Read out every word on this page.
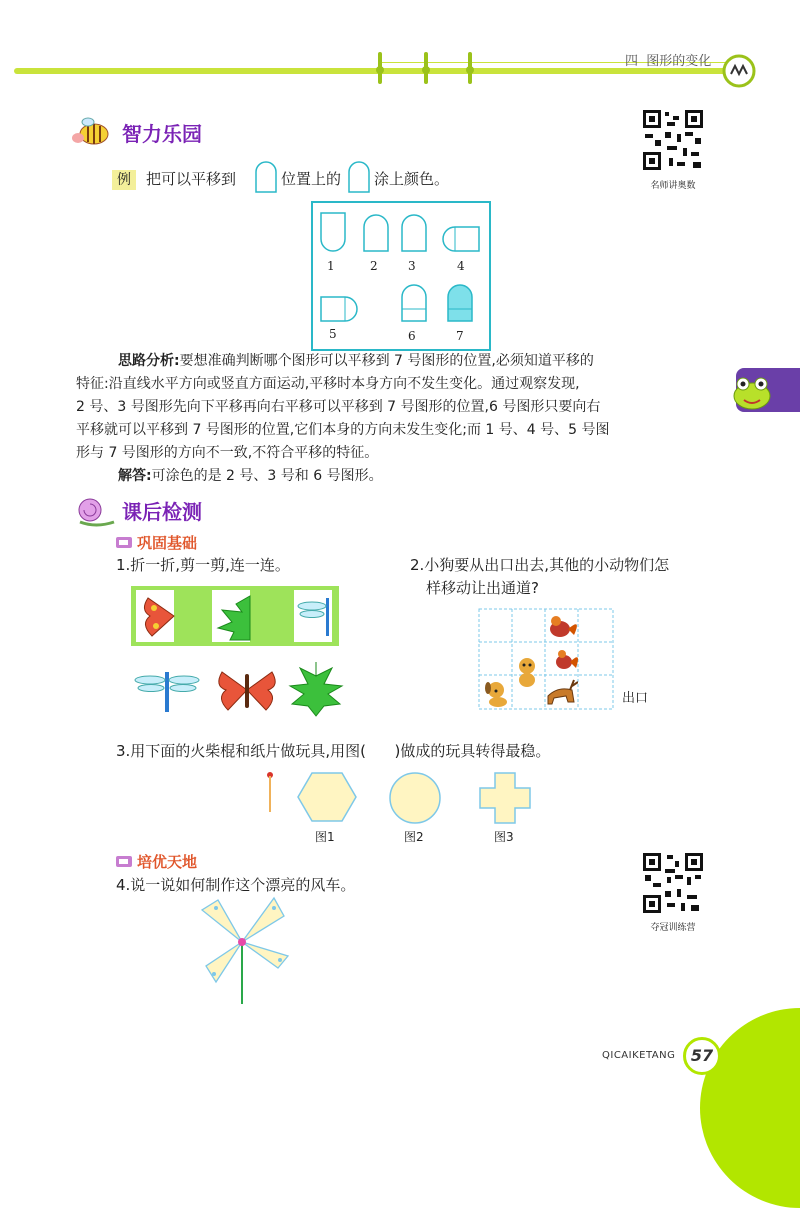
四  图形的变化
智力乐园
名师讲奥数
例	把可以平移到	位置上的 涂上颜色。
1	2	3	4
5	6	7
思路分析:要想准确判断哪个图形可以平移到 7 号图形的位置,必须知道平移的
特征:沿直线水平方向或竖直方面运动,平移时本身方向不发生变化。通过观察发现,
2 号、3 号图形先向下平移再向右平移可以平移到 7 号图形的位置,6 号图形只要向右
平移就可以平移到 7 号图形的位置,它们本身的方向未发生变化;而 1 号、4 号、5 号图
形与 7 号图形的方向不一致,不符合平移的特征。
解答:可涂色的是 2 号、3 号和 6 号图形。
课后检测
巩固基础
1.折一折,剪一剪,连一连。	2.小狗要从出口出去,其他的小动物们怎
样移动让出通道?
出口
3.用下面的火柴棍和纸片做玩具,用图(      )做成的玩具转得最稳。
图1	图2	图3
培优天地
4.说一说如何制作这个漂亮的风车。
夺冠训练营
QICAIKETANG 57
